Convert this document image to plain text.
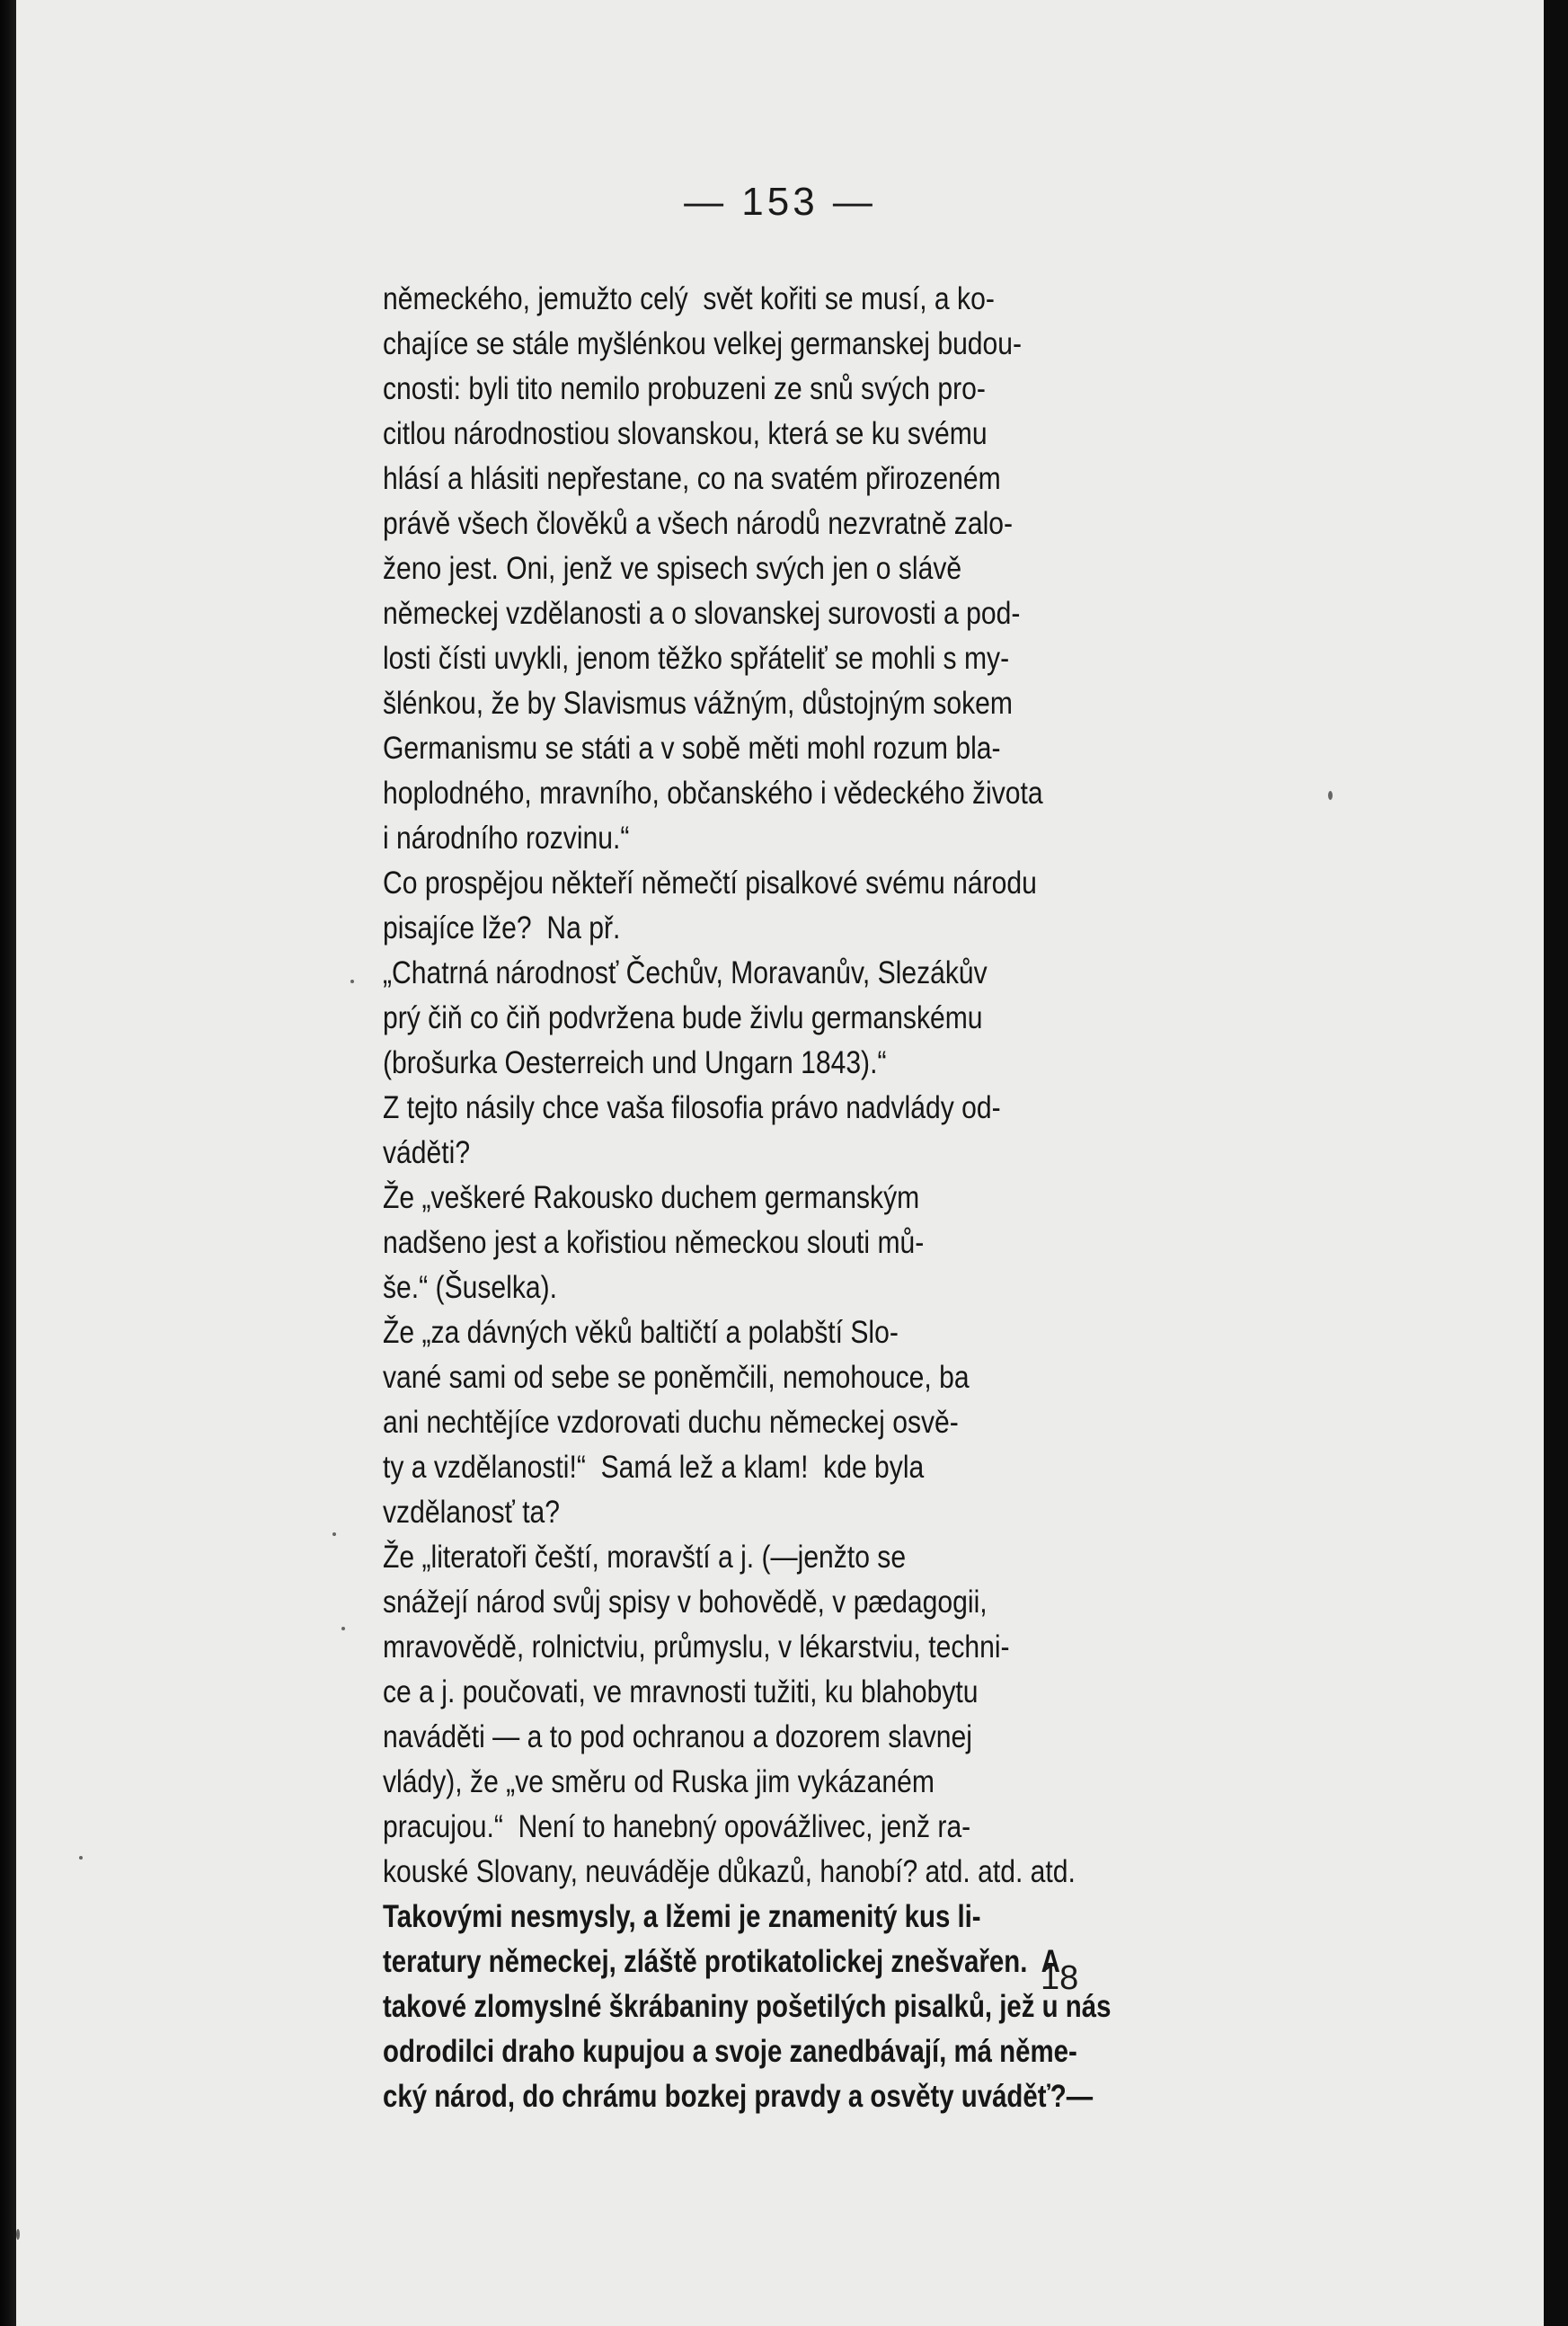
— 153 —
německého, jemužto celý  svět kořiti se musí, a ko-
chajíce se stále myšlénkou velkej germanskej budou-
cnosti: byli tito nemilo probuzeni ze snů svých pro-
citlou národnostiou slovanskou, která se ku svému
hlásí a hlásiti nepřestane, co na svatém přirozeném
právě všech člověků a všech národů nezvratně zalo-
ženo jest. Oni, jenž ve spisech svých jen o slávě
německej vzdělanosti a o slovanskej surovosti a pod-
losti čísti uvykli, jenom těžko spřáteliť se mohli s my-
šlénkou, že by Slavismus vážným, důstojným sokem
Germanismu se státi a v sobě měti mohl rozum bla-
hoplodného, mravního, občanského i vědeckého života
i národního rozvinu.“
Co prospějou někteří němečtí pisalkové svému národu
pisajíce lže?  Na př.
„Chatrná národnosť Čechův, Moravanův, Slezákův
prý čiň co čiň podvržena bude živlu germanskému
(brošurka Oesterreich und Ungarn 1843).“
Z tejto násily chce vaša filosofia právo nadvlády od-
váděti?
Že „veškeré Rakousko duchem germanským
nadšeno jest a kořistiou německou slouti mů-
še.“ (Šuselka).
Že „za dávných věků baltičtí a polabští Slo-
vané sami od sebe se poněmčili, nemohouce, ba
ani nechtějíce vzdorovati duchu německej osvě-
ty a vzdělanosti!“  Samá lež a klam!  kde byla
vzdělanosť ta?
Že „literatoři čeští, moravští a j. (—jenžto se
snážejí národ svůj spisy v bohovědě, v pædagogii,
mravovědě, rolnictviu, průmyslu, v lékarstviu, techni-
ce a j. poučovati, ve mravnosti tužiti, ku blahobytu
naváděti — a to pod ochranou a dozorem slavnej
vlády), že „ve směru od Ruska jim vykázaném
pracujou.“  Není to hanebný opovážlivec, jenž ra-
kouské Slovany, neuváděje důkazů, hanobí? atd. atd. atd.
Takovými nesmysly, a lžemi je znamenitý kus li-
teratury německej, zláště protikatolickej znešvařen.  A
takové zlomyslné škrábaniny pošetilých pisalků, jež u nás
odrodilci draho kupujou a svoje zanedbávají, má něme-
cký národ, do chrámu bozkej pravdy a osvěty uváděť?—
18
